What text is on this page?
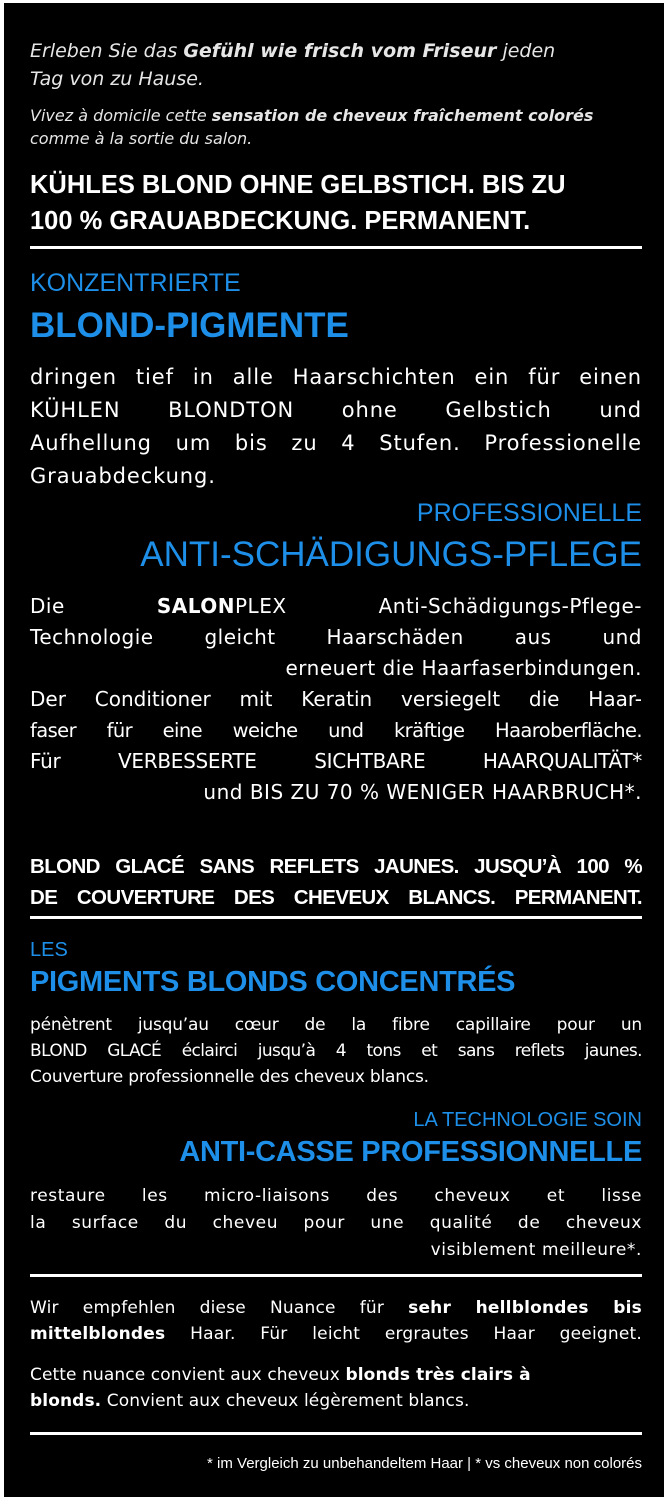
Erleben Sie das Gefühl wie frisch vom Friseur jeden
Tag von zu Hause.
Vivez à domicile cette sensation de cheveux fraîchement colorés
comme à la sortie du salon.
KÜHLES BLOND OHNE GELBSTICH. BIS ZU
100 % GRAUABDECKUNG. PERMANENT.
KONZENTRIERTE
BLOND-PIGMENTE
dringen tief in alle Haarschichten ein für einen
KÜHLEN BLONDTON ohne Gelbstich und
Aufhellung um bis zu 4 Stufen. Professionelle
Grauabdeckung.
PROFESSIONELLE
ANTI-SCHÄDIGUNGS-PFLEGE
Die SALONPLEX Anti-Schädigungs-Pflege-
Technologie gleicht Haarschäden aus und
erneuert die Haarfaserbindungen.
Der Conditioner mit Keratin versiegelt die Haar-
faser für eine weiche und kräftige Haaroberfläche.
Für VERBESSERTE SICHTBARE HAARQUALITÄT*
und BIS ZU 70 % WENIGER HAARBRUCH*.
BLOND GLACÉ SANS REFLETS JAUNES. JUSQU’À 100 %
DE COUVERTURE DES CHEVEUX BLANCS. PERMANENT.
LES
PIGMENTS BLONDS CONCENTRÉS
pénètrent jusqu’au cœur de la fibre capillaire pour un
BLOND GLACÉ éclairci jusqu’à 4 tons et sans reflets jaunes.
Couverture professionnelle des cheveux blancs.
LA TECHNOLOGIE SOIN
ANTI-CASSE PROFESSIONNELLE
restaure les micro-liaisons des cheveux et lisse
la surface du cheveu pour une qualité de cheveux
visiblement meilleure*.
Wir empfehlen diese Nuance für sehr hellblondes bis
mittelblondes Haar. Für leicht ergrautes Haar geeignet.
Cette nuance convient aux cheveux blonds très clairs à
blonds. Convient aux cheveux légèrement blancs.
* im Vergleich zu unbehandeltem Haar | * vs cheveux non colorés
